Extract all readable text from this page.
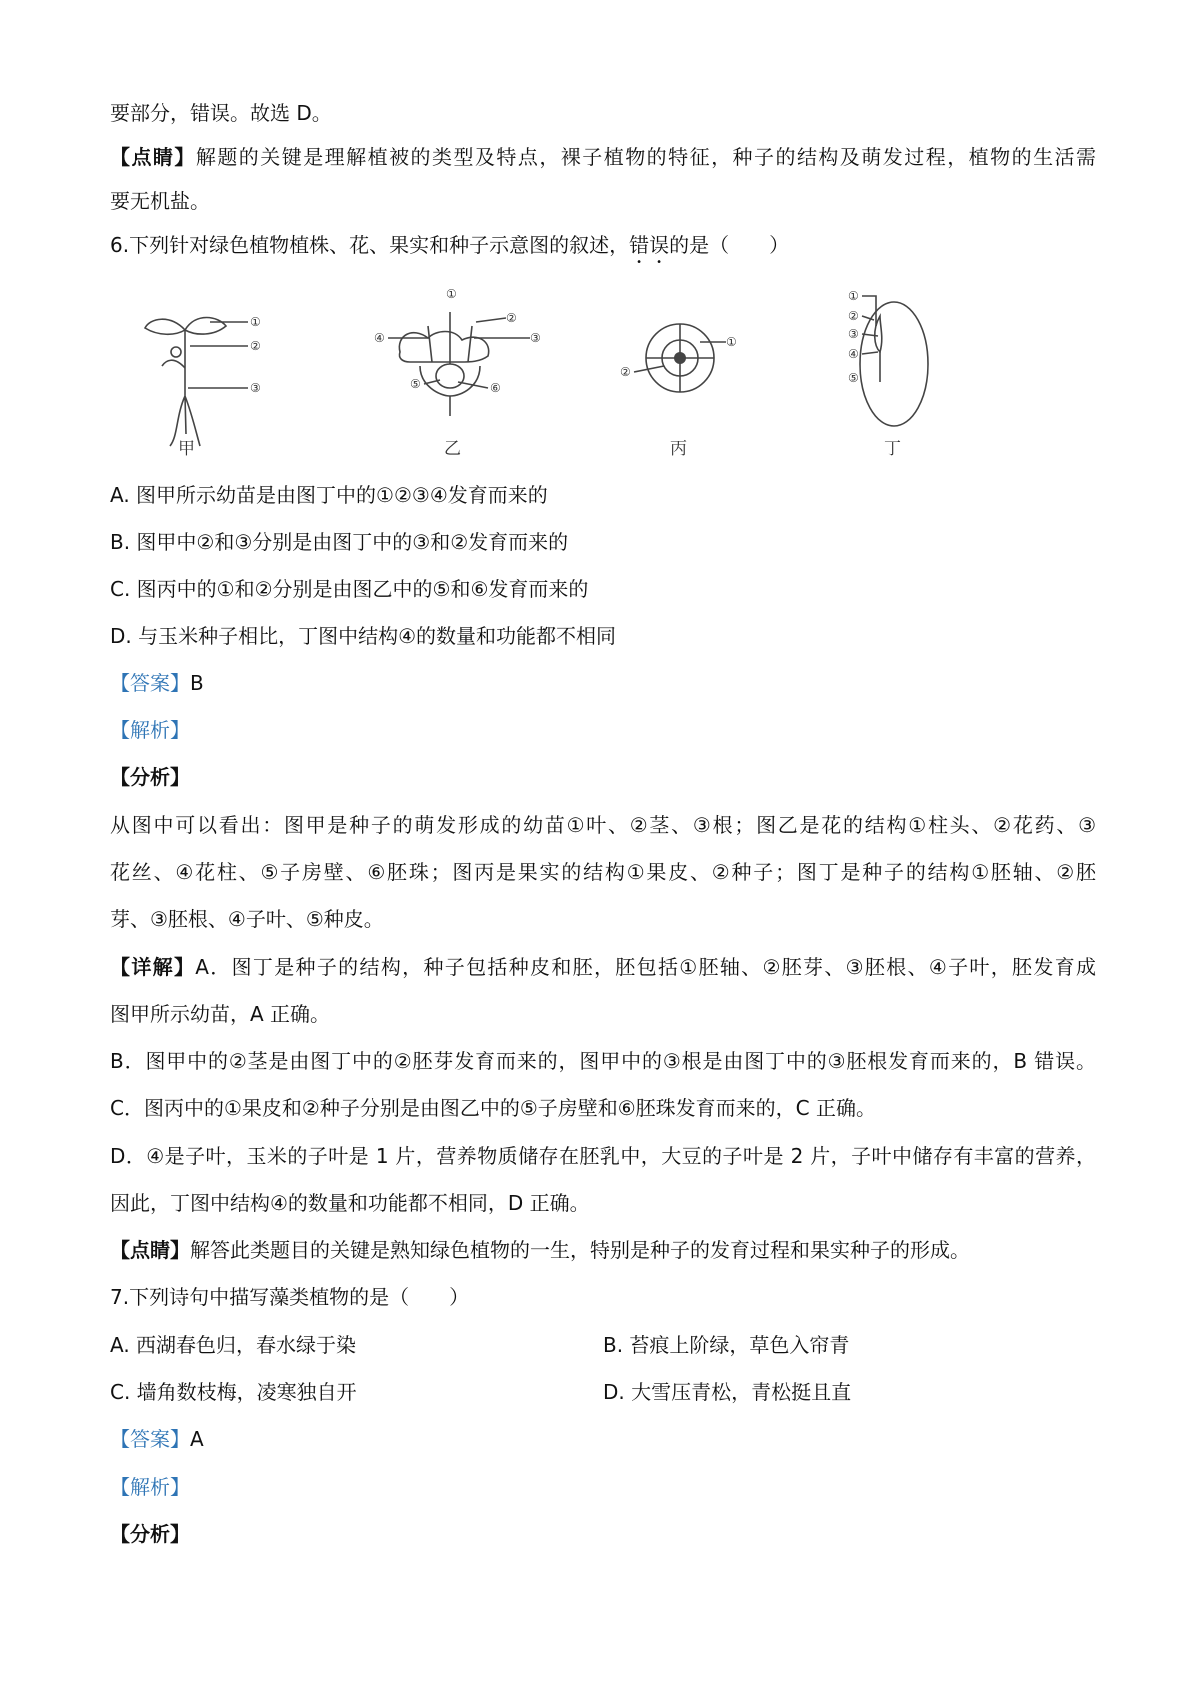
要部分，错误。故选 D。
【点睛】解题的关键是理解植被的类型及特点，裸子植物的特征，种子的结构及萌发过程，植物的生活需
要无机盐。
6.下列针对绿色植物植株、花、果实和种子示意图的叙述，错误的是（　　）
①
②
③
甲
①
②
③
④
⑤	⑥
乙
①
②
丙
①
②
③
④
⑤
丁
A. 图甲所示幼苗是由图丁中的①②③④发育而来的
B. 图甲中②和③分别是由图丁中的③和②发育而来的
C. 图丙中的①和②分别是由图乙中的⑤和⑥发育而来的
D. 与玉米种子相比，丁图中结构④的数量和功能都不相同
【答案】B
【解析】
【分析】
从图中可以看出：图甲是种子的萌发形成的幼苗①叶、②茎、③根；图乙是花的结构①柱头、②花药、③
花丝、④花柱、⑤子房壁、⑥胚珠；图丙是果实的结构①果皮、②种子；图丁是种子的结构①胚轴、②胚
芽、③胚根、④子叶、⑤种皮。
【详解】A．图丁是种子的结构，种子包括种皮和胚，胚包括①胚轴、②胚芽、③胚根、④子叶，胚发育成
图甲所示幼苗，A 正确。
B．图甲中的②茎是由图丁中的②胚芽发育而来的，图甲中的③根是由图丁中的③胚根发育而来的，B 错误。
C．图丙中的①果皮和②种子分别是由图乙中的⑤子房壁和⑥胚珠发育而来的，C 正确。
D．④是子叶，玉米的子叶是 1 片，营养物质储存在胚乳中，大豆的子叶是 2 片，子叶中储存有丰富的营养，
因此，丁图中结构④的数量和功能都不相同，D 正确。
【点睛】解答此类题目的关键是熟知绿色植物的一生，特别是种子的发育过程和果实种子的形成。
7.下列诗句中描写藻类植物的是（　　）
A. 西湖春色归，春水绿于染	B. 苔痕上阶绿，草色入帘青
C. 墙角数枝梅，凌寒独自开	D. 大雪压青松，青松挺且直
【答案】A
【解析】
【分析】
